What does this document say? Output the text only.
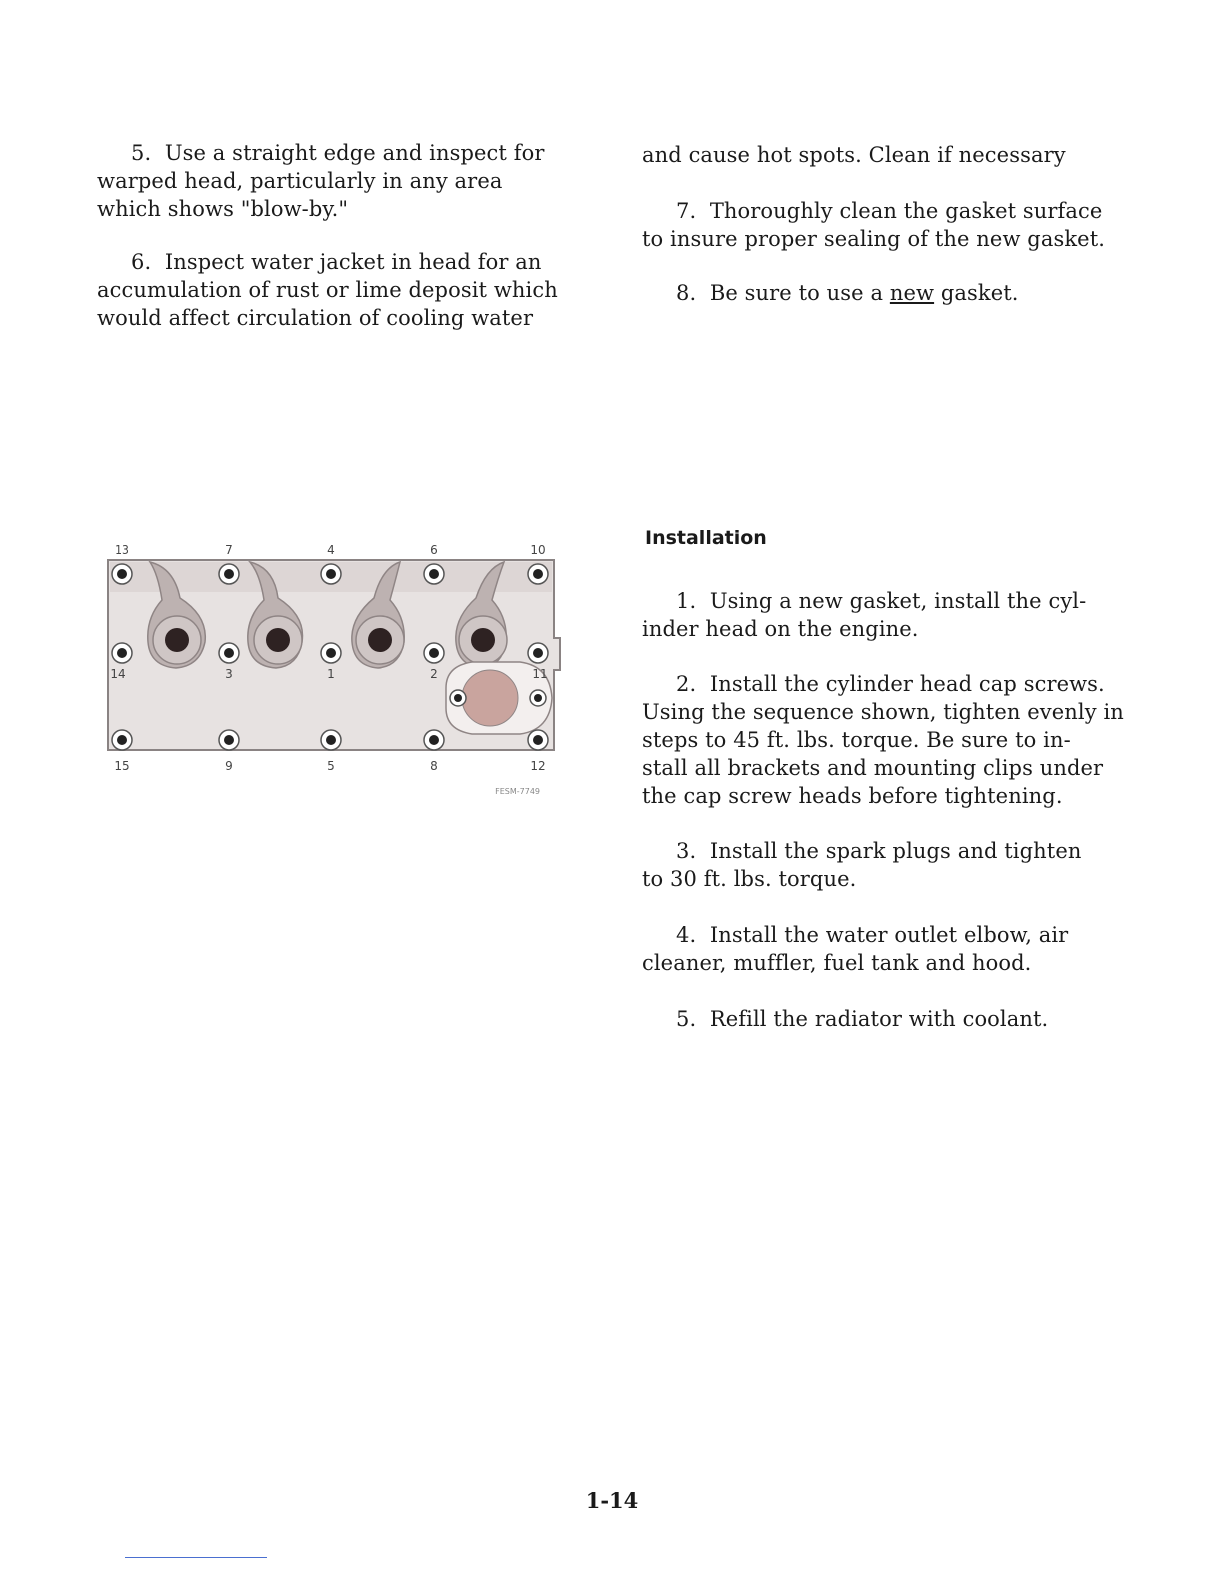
5. Use a straight edge and inspect for
warped head, particularly in any area
which shows "blow-by."

6. Inspect water jacket in head for an
accumulation of rust or lime deposit which
would affect circulation of cooling water

and cause hot spots. Clean if necessary

7. Thoroughly clean the gasket surface
to insure proper sealing of the new gasket.

8. Be sure to use a new gasket.

Installation

1. Using a new gasket, install the cyl-
inder head on the engine.

2. Install the cylinder head cap screws.
Using the sequence shown, tighten evenly in
steps to 45 ft. lbs. torque. Be sure to in-
stall all brackets and mounting clips under
the cap screw heads before tightening.

3. Install the spark plugs and tighten
to 30 ft. lbs. torque.

4. Install the water outlet elbow, air
cleaner, muffler, fuel tank and hood.

5. Refill the radiator with coolant.

13	7	4	6	10
14	3	1	2	11
15	9	5	8	12
FESM-7749
1-14
